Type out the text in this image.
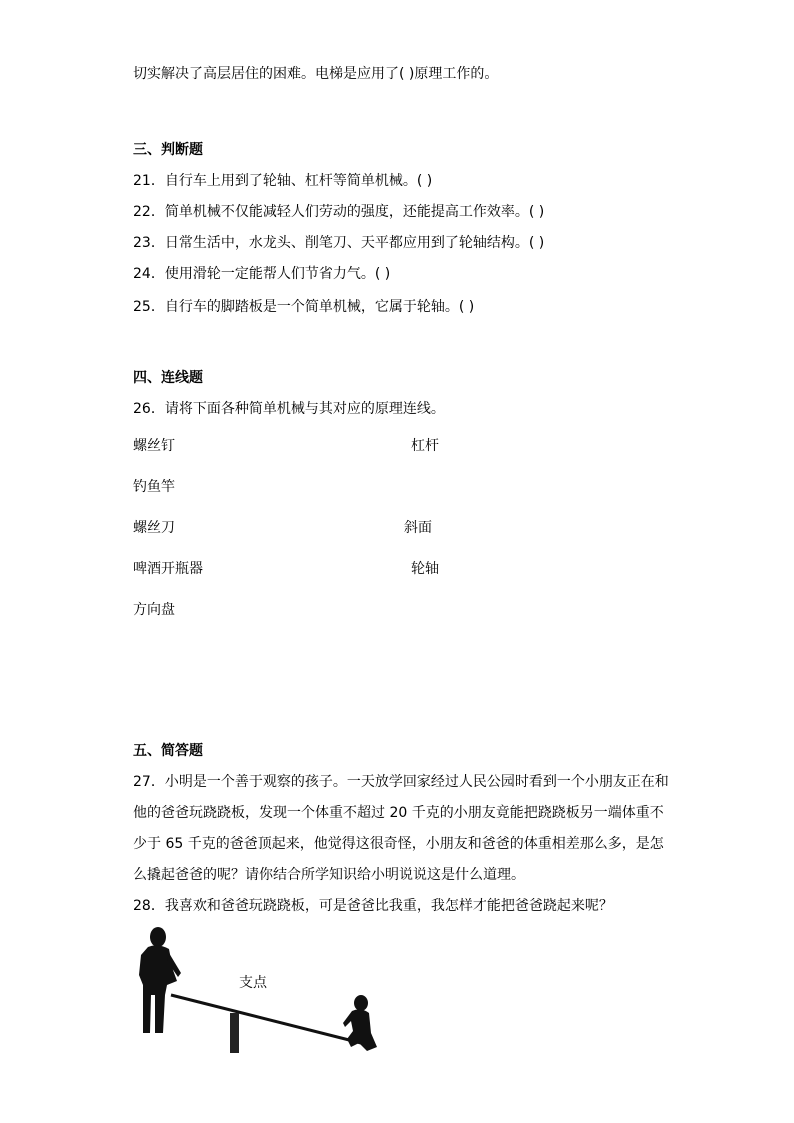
切实解决了高层居住的困难。电梯是应用了( )原理工作的。
三、判断题
21．自行车上用到了轮轴、杠杆等简单机械。( )
22．简单机械不仅能减轻人们劳动的强度，还能提高工作效率。( )
23．日常生活中，水龙头、削笔刀、天平都应用到了轮轴结构。( )
24．使用滑轮一定能帮人们节省力气。( )
25．自行车的脚踏板是一个简单机械，它属于轮轴。( )
四、连线题
26．请将下面各种简单机械与其对应的原理连线。
螺丝钉
钓鱼竿
螺丝刀
啤酒开瓶器
方向盘
杠杆
斜面
轮轴
五、简答题
27．小明是一个善于观察的孩子。一天放学回家经过人民公园时看到一个小朋友正在和
他的爸爸玩跷跷板，发现一个体重不超过 20 千克的小朋友竟能把跷跷板另一端体重不
少于 65 千克的爸爸顶起来，他觉得这很奇怪，小朋友和爸爸的体重相差那么多，是怎
么撬起爸爸的呢？请你结合所学知识给小明说说这是什么道理。
28．我喜欢和爸爸玩跷跷板，可是爸爸比我重，我怎样才能把爸爸跷起来呢？
支点
